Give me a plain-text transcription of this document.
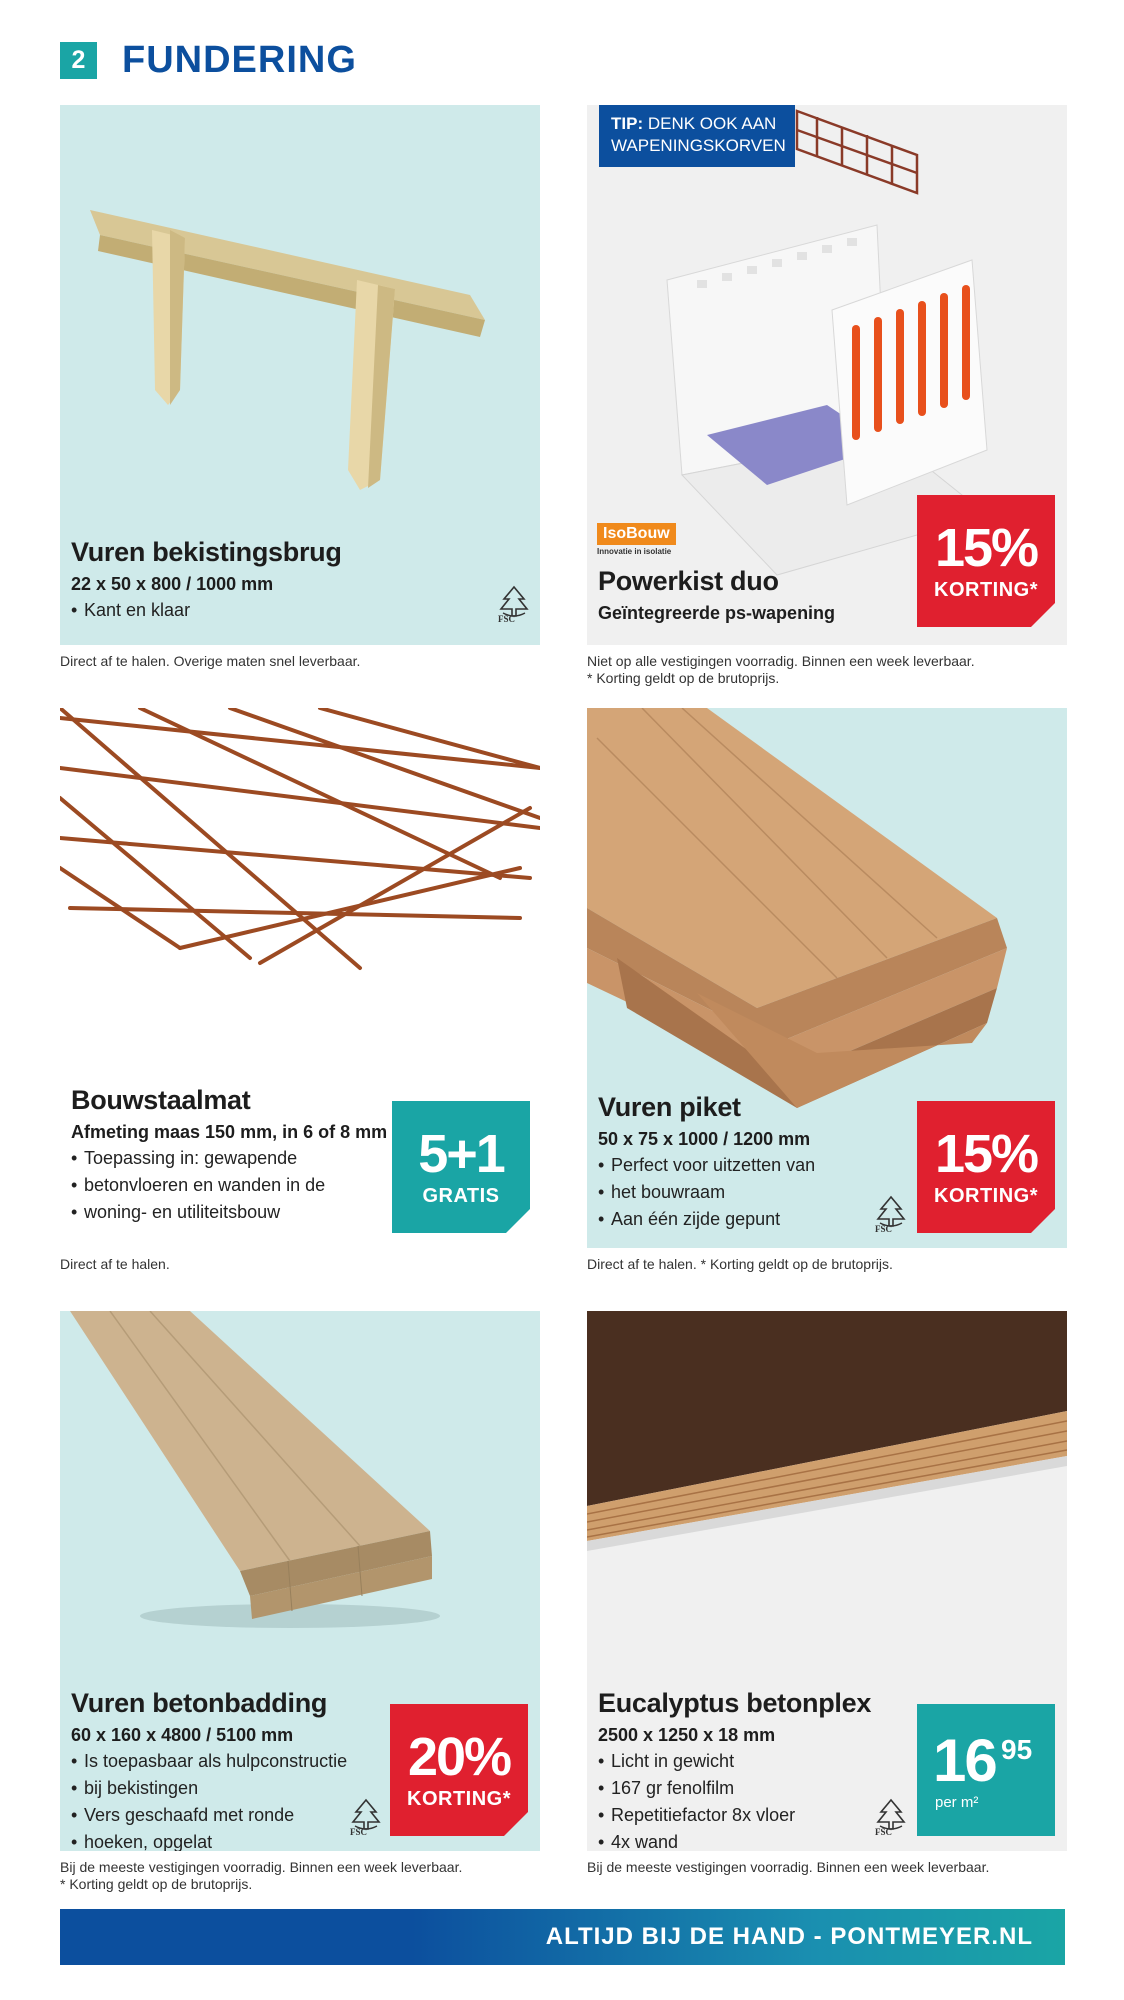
2 FUNDERING
Vuren bekistingsbrug
22 x 50 x 800 / 1000 mm
• Kant en klaar	FSC
Direct af te halen. Overige maten snel leverbaar.
TIP: DENK OOK AAN WAPENINGSKORVEN
IsoBouw
Innovatie in isolatie
Powerkist duo
Geïntegreerde ps-wapening
15%
KORTING*
Niet op alle vestigingen voorradig. Binnen een week leverbaar.
* Korting geldt op de brutoprijs.
Bouwstaalmat
Afmeting maas 150 mm, in 6 of 8 mm
• Toepassing in: gewapende
• betonvloeren en wanden in de
• woning- en utiliteitsbouw
5+1
GRATIS
Direct af te halen.
Vuren piket
50 x 75 x 1000 / 1200 mm
• Perfect voor uitzetten van
• het bouwraam
• Aan één zijde gepunt
FSC
15%
KORTING*
Direct af te halen. * Korting geldt op de brutoprijs.
Vuren betonbadding
60 x 160 x 4800 / 5100 mm
• Is toepasbaar als hulpconstructie
• bij bekistingen
• Vers geschaafd met ronde
• hoeken, opgelat	FSC
20%
KORTING*
Bij de meeste vestigingen voorradig. Binnen een week leverbaar.
* Korting geldt op de brutoprijs.
Eucalyptus betonplex
2500 x 1250 x 18 mm
• Licht in gewicht
• 167 gr fenolfilm
• Repetitiefactor 8x vloer
• 4x wand	FSC
16 95
per m²
Bij de meeste vestigingen voorradig. Binnen een week leverbaar.
ALTIJD BIJ DE HAND - PONTMEYER.NL
